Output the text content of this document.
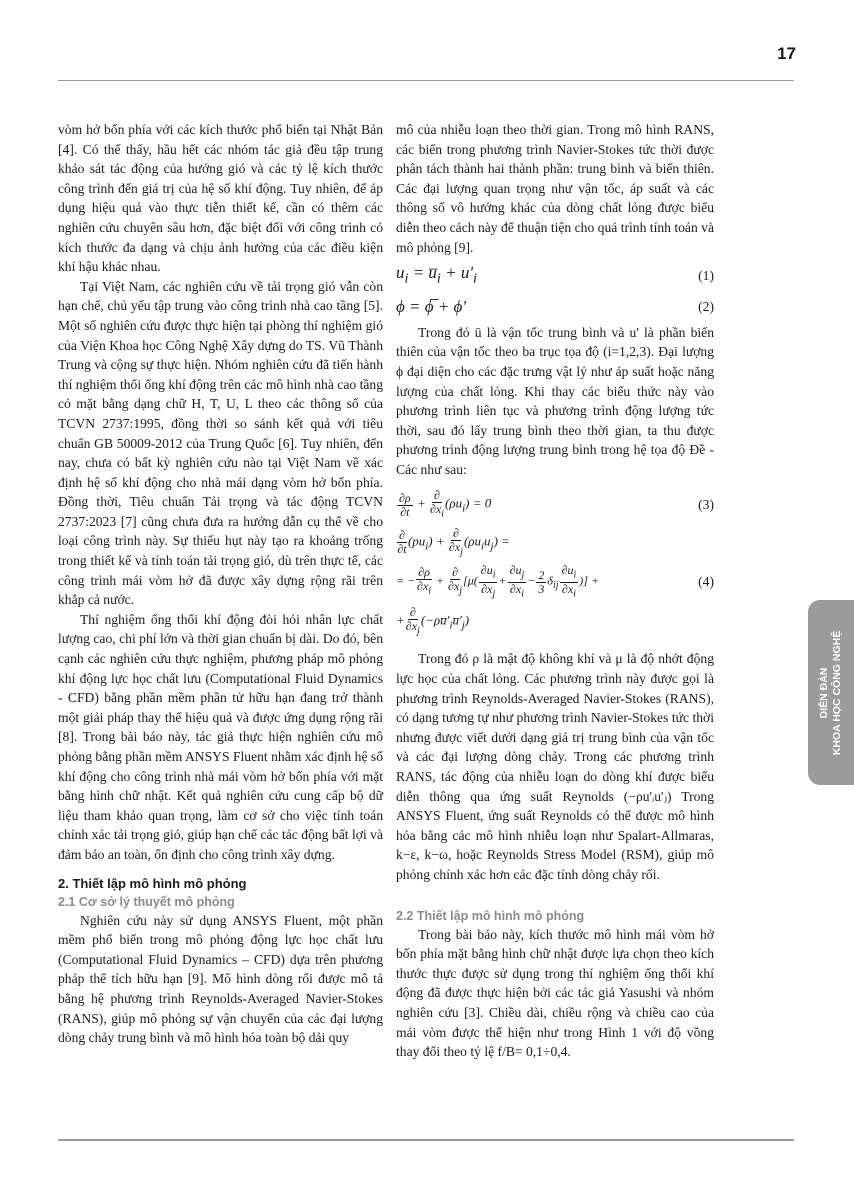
17

vòm hở bốn phía với các kích thước phổ biến tại Nhật Bản [4]. Có thể thấy, hầu hết các nhóm tác giả đều tập trung khảo sát tác động của hướng gió và các tỷ lệ kích thước công trình đến giá trị của hệ số khí động. Tuy nhiên, để áp dụng hiệu quả vào thực tiễn thiết kế, cần có thêm các nghiên cứu chuyên sâu hơn, đặc biệt đối với công trình có kích thước đa dạng và chịu ảnh hưởng của các điều kiện khí hậu khác nhau.

Tại Việt Nam, các nghiên cứu về tải trọng gió vẫn còn hạn chế, chủ yếu tập trung vào công trình nhà cao tầng [5]. Một số nghiên cứu được thực hiện tại phòng thí nghiệm gió của Viện Khoa học Công Nghệ Xây dựng do TS. Vũ Thành Trung và cộng sự thực hiện. Nhóm nghiên cứu đã tiến hành thí nghiệm thổi ống khí động trên các mô hình nhà cao tầng có mặt bằng dạng chữ H, T, U, L theo các thông số của TCVN 2737:1995, đồng thời so sánh kết quả với tiêu chuẩn GB 50009-2012 của Trung Quốc [6]. Tuy nhiên, đến nay, chưa có bất kỳ nghiên cứu nào tại Việt Nam về xác định hệ số khí động cho nhà mái dạng vòm hở bốn phía. Đồng thời, Tiêu chuẩn Tải trọng và tác động TCVN 2737:2023 [7] cũng chưa đưa ra hướng dẫn cụ thể về cho loại công trình này. Sự thiếu hụt này tạo ra khoảng trống trong thiết kế và tính toán tải trọng gió, dù trên thực tế, các công trình mái vòm hở đã được xây dựng rộng rãi trên khắp cả nước.

Thí nghiệm ống thổi khí động đòi hỏi nhân lực chất lượng cao, chi phí lớn và thời gian chuẩn bị dài. Do đó, bên cạnh các nghiên cứu thực nghiệm, phương pháp mô phỏng khí động lực học chất lưu (Computational Fluid Dynamics - CFD) bằng phần mềm phần tử hữu hạn đang trở thành một giải pháp thay thế hiệu quả và được ứng dụng rộng rãi [8]. Trong bài báo này, tác giả thực hiện nghiên cứu mô phỏng bằng phần mềm ANSYS Fluent nhằm xác định hệ số khí động cho công trình nhà mái vòm hở bốn phía với mặt bằng hình chữ nhật. Kết quả nghiên cứu cung cấp bộ dữ liệu tham khảo quan trọng, làm cơ sở cho việc tính toán chính xác tải trọng gió, giúp hạn chế các tác động bất lợi và đảm bảo an toàn, ổn định cho công trình xây dựng.

2. Thiết lập mô hình mô phỏng
2.1 Cơ sở lý thuyết mô phỏng

Nghiên cứu này sử dụng ANSYS Fluent, một phần mềm phổ biến trong mô phỏng động lực học chất lưu (Computational Fluid Dynamics – CFD) dựa trên phương pháp thể tích hữu hạn [9]. Mô hình dòng rối được mô tả bằng hệ phương trình Reynolds-Averaged Navier-Stokes (RANS), giúp mô phỏng sự vận chuyển của các đại lượng dòng chảy trung bình và mô hình hóa toàn bộ dải quy

mô của nhiễu loạn theo thời gian. Trong mô hình RANS, các biến trong phương trình Navier-Stokes tức thời được phân tách thành hai thành phần: trung bình và biến thiên. Các đại lượng quan trọng như vận tốc, áp suất và các thông số vô hướng khác của dòng chất lỏng được biểu diễn theo cách này để thuận tiện cho quá trình tính toán và mô phỏng [9].

$u_i$ = $u̅_i + u'_i$	(1)
ϕ = ϕ̅ + ϕ'	(2)

Trong đó ū là vận tốc trung bình và u' là phần biến thiên của vận tốc theo ba trục tọa độ (i=1,2,3). Đại lượng ϕ đại diện cho các đặc trưng vật lý như áp suất hoặc năng lượng của chất lỏng. Khi thay các biểu thức này vào phương trình liên tục và phương trình động lượng tức thời, sau đó lấy trung bình theo thời gian, ta thu được phương trình động lượng trung bình trong hệ tọa độ Đề - Các như sau:

$\frac{\partial\rho}{\partial t} + \frac{\partial}{\partial x_i} (\rho u_i) = 0$	(3)
$\frac{\partial}{\partial t} (pu_i) + \frac{\partial}{\partial x_j} (\rho u_iu_j)$ =
= − $\frac{\partial\rho}{\partial x_i} + \frac{\partial}{\partial x_j} [\mu( \frac{\partial u_i}{\partial x_j} + \frac{\partial u_j}{\partial x_i} - \frac{2}{3} \delta_{ij} \frac{\partial u_i}{\partial x_i}$ )] +	(4)
+ $\frac{\partial}{\partial x_j}$ $(-\rho u̅'_iu̅'_j)$

Trong đó ρ là mật độ không khí và μ là độ nhớt động lực học của chất lỏng. Các phương trình này được gọi là phương trình Reynolds-Averaged Navier-Stokes (RANS), có dạng tương tự như phương trình Navier-Stokes tức thời nhưng được viết dưới dạng giá trị trung bình của vận tốc và các đại lượng dòng chảy. Trong các phương trình RANS, tác động của nhiễu loạn do dòng khí được biểu diễn thông qua ứng suất Reynolds (−ρu'ᵢu'ⱼ) Trong ANSYS Fluent, ứng suất Reynolds có thể được mô hình hóa bằng các mô hình nhiễu loạn như Spalart-Allmaras, k−ε, k−ω, hoặc Reynolds Stress Model (RSM), giúp mô phỏng chính xác hơn các đặc tính dòng chảy rối.

2.2 Thiết lập mô hình mô phỏng

Trong bài báo này, kích thước mô hình mái vòm hở bốn phía mặt bằng hình chữ nhật được lựa chọn theo kích thước thực được sử dụng trong thí nghiệm ống thổi khí động đã được thực hiện bởi các tác giả Yasushi và nhóm nghiên cứu [3]. Chiều dài, chiều rộng và chiều cao của mái vòm được thể hiện như trong Hình 1 với độ vồng thay đổi theo tỷ lệ f/B= 0,1÷0,4.

DIỄN ĐÀN KHOA HỌC CÔNG NGHỆ
